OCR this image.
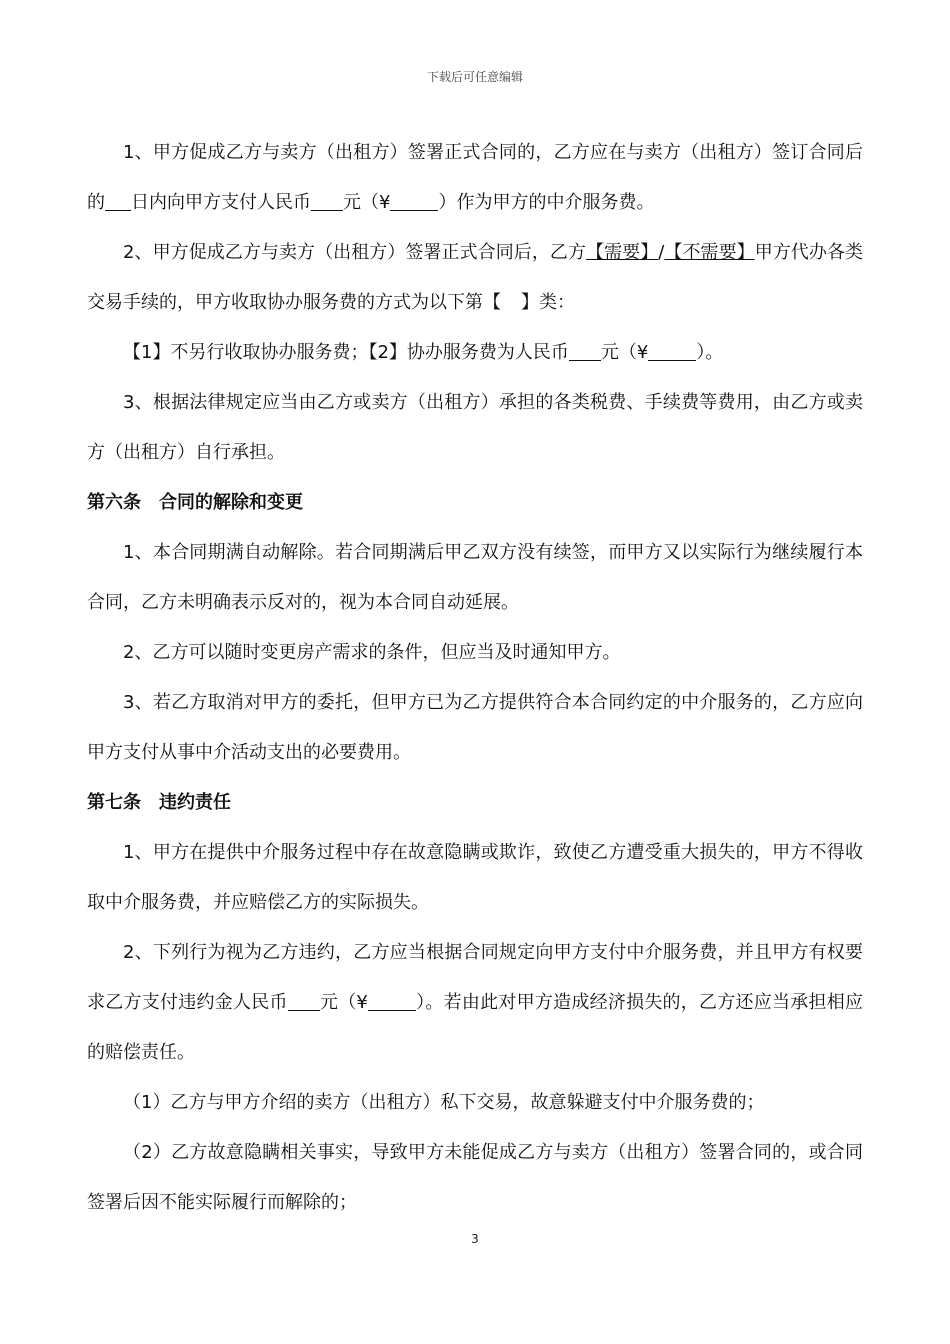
下载后可任意编辑

1、甲方促成乙方与卖方（出租方）签署正式合同的，乙方应在与卖方（出租方）签订合同后的 日内向甲方支付人民币 元（¥	）作为甲方的中介服务费。

2、甲方促成乙方与卖方（出租方）签署正式合同后，乙方【需要】/【不需要】甲方代办各类交易手续的，甲方收取协办服务费的方式为以下第【 】类：

【1】不另行收取协办服务费；【2】协办服务费为人民币 元（¥	）。

3、根据法律规定应当由乙方或卖方（出租方）承担的各类税费、手续费等费用，由乙方或卖方（出租方）自行承担。

第六条　合同的解除和变更

1、本合同期满自动解除。若合同期满后甲乙双方没有续签，而甲方又以实际行为继续履行本合同，乙方未明确表示反对的，视为本合同自动延展。

2、乙方可以随时变更房产需求的条件，但应当及时通知甲方。

3、若乙方取消对甲方的委托，但甲方已为乙方提供符合本合同约定的中介服务的，乙方应向甲方支付从事中介活动支出的必要费用。

第七条　违约责任

1、甲方在提供中介服务过程中存在故意隐瞒或欺诈，致使乙方遭受重大损失的，甲方不得收取中介服务费，并应赔偿乙方的实际损失。

2、下列行为视为乙方违约，乙方应当根据合同规定向甲方支付中介服务费，并且甲方有权要求乙方支付违约金人民币 元（¥	）。若由此对甲方造成经济损失的，乙方还应当承担相应的赔偿责任。

（1）乙方与甲方介绍的卖方（出租方）私下交易，故意躲避支付中介服务费的；

（2）乙方故意隐瞒相关事实，导致甲方未能促成乙方与卖方（出租方）签署合同的，或合同签署后因不能实际履行而解除的；

3
